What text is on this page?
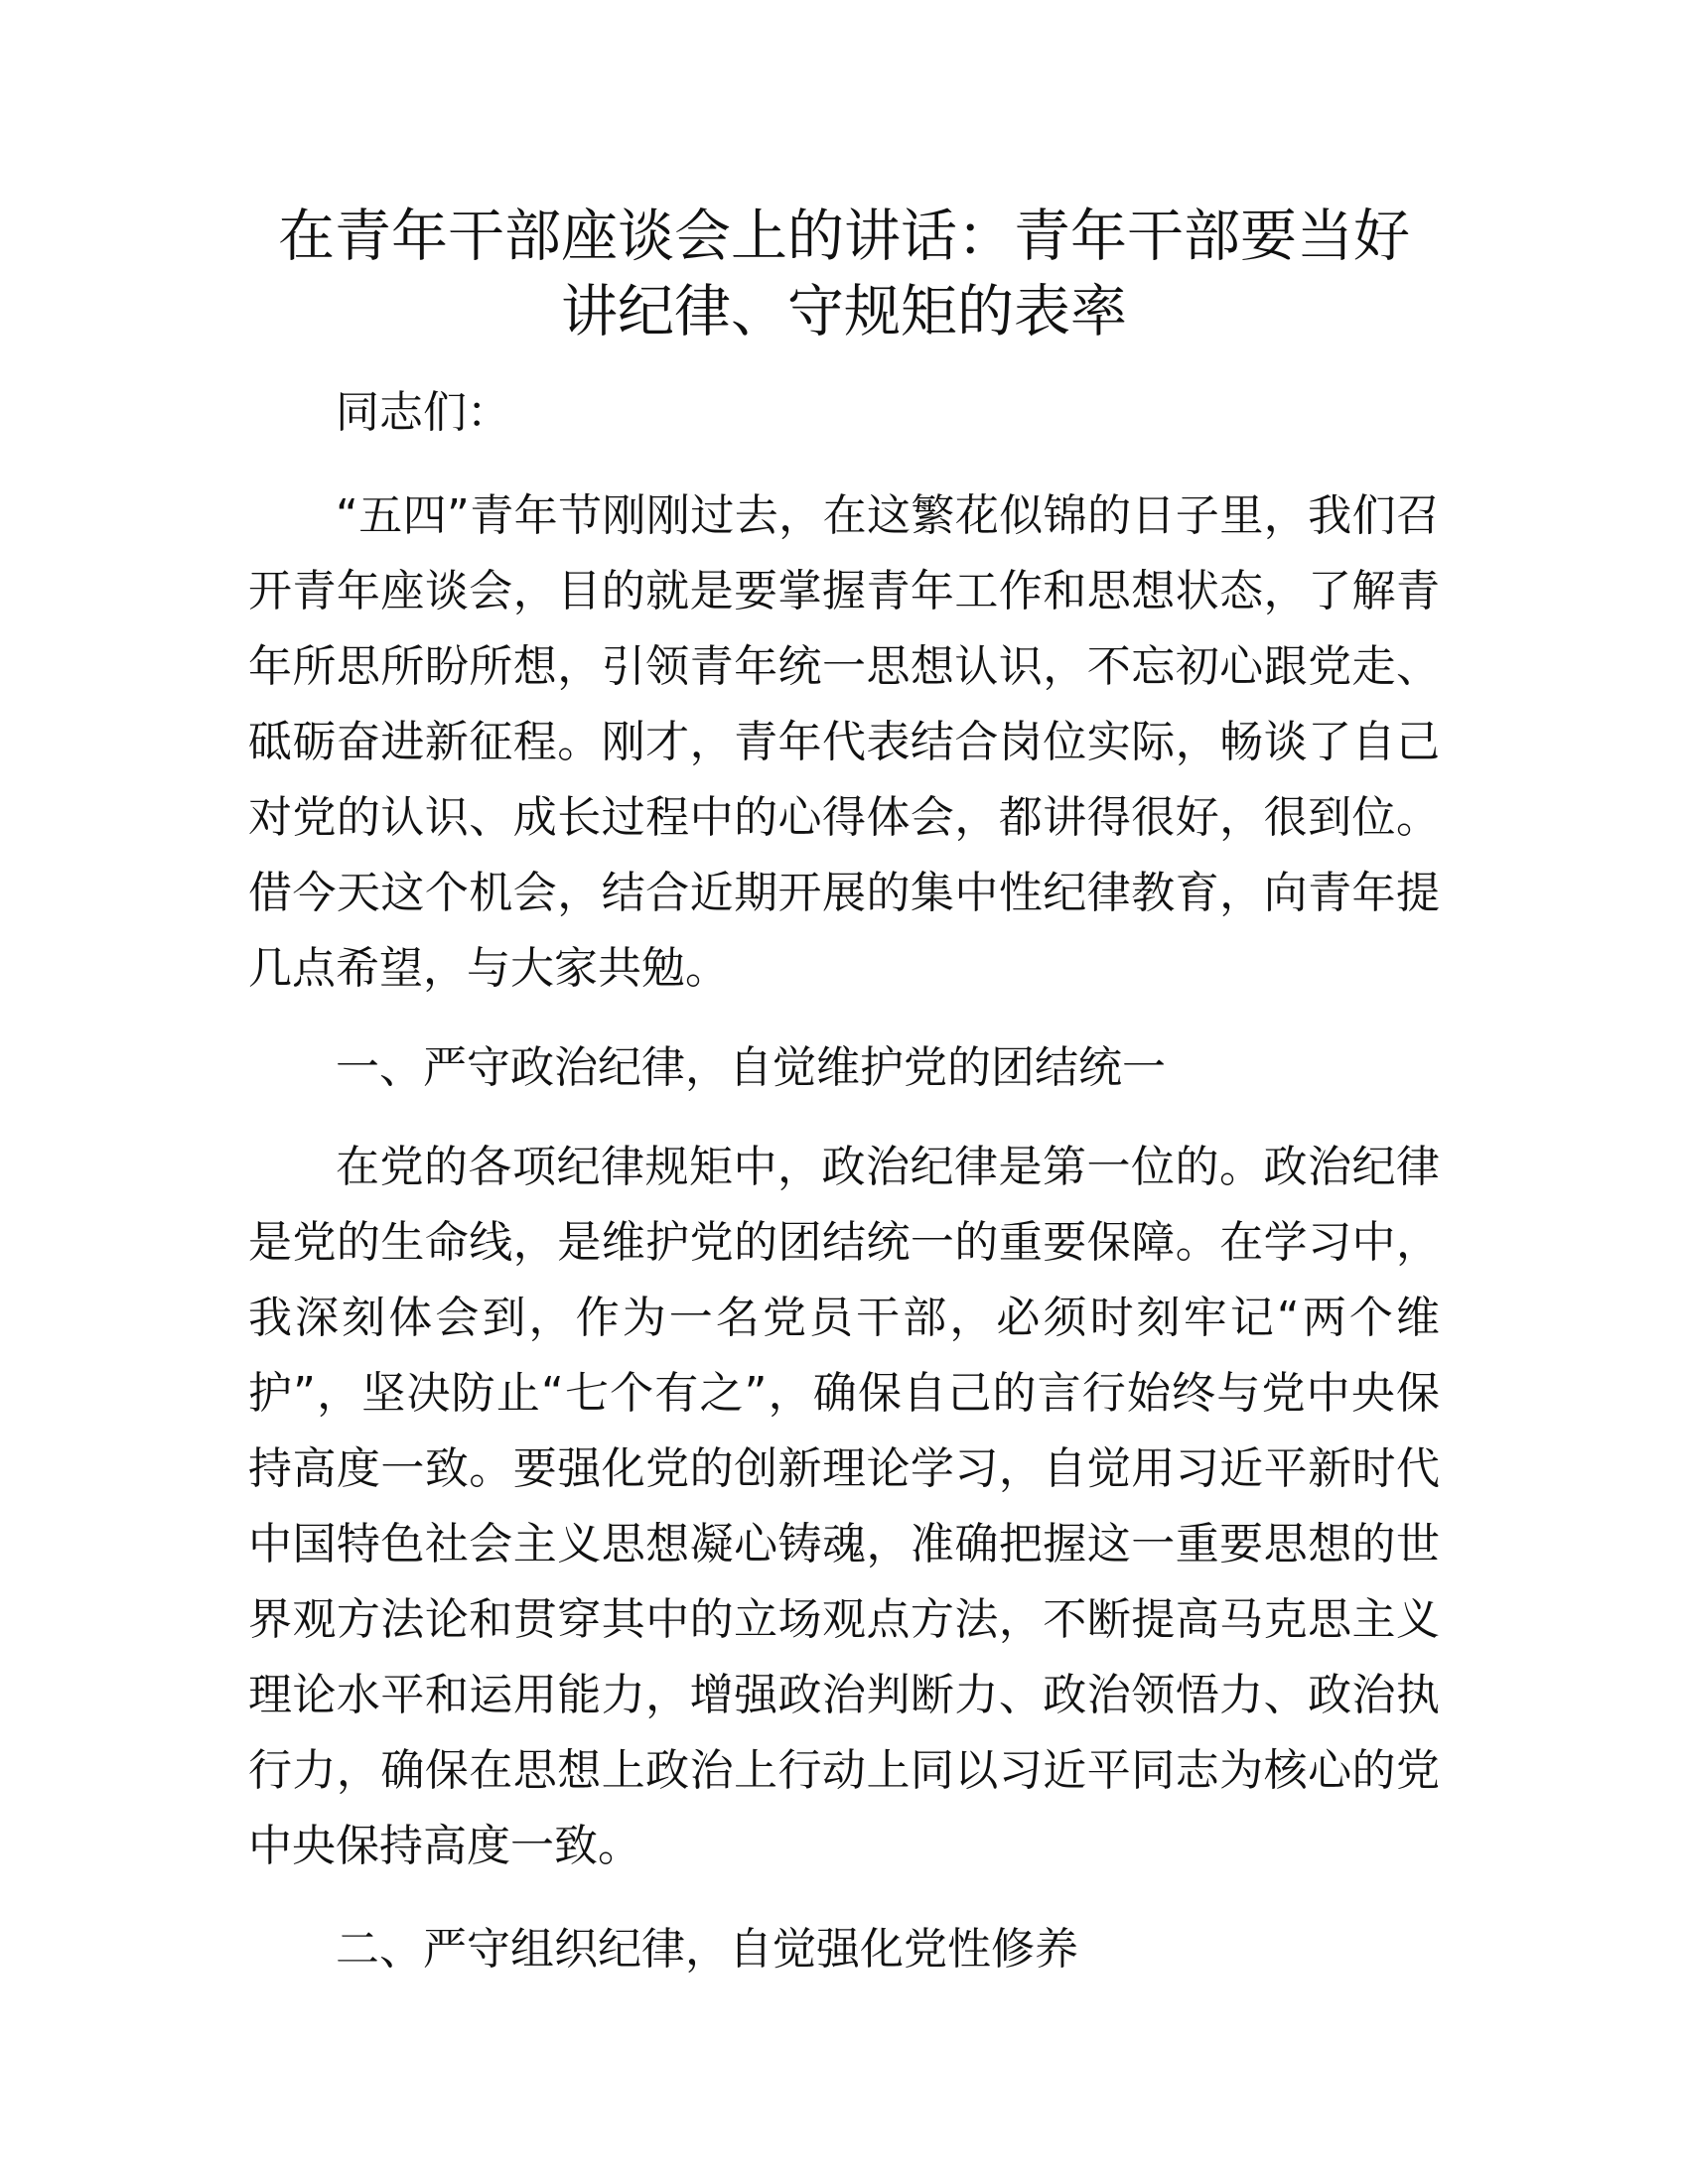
在青年干部座谈会上的讲话：青年干部要当好
讲纪律、守规矩的表率

同志们：

“五四”青年节刚刚过去，在这繁花似锦的日子里，我们召开青年座谈会，目的就是要掌握青年工作和思想状态，了解青年所思所盼所想，引领青年统一思想认识，不忘初心跟党走、砥砺奋进新征程。刚才，青年代表结合岗位实际，畅谈了自己对党的认识、成长过程中的心得体会，都讲得很好，很到位。借今天这个机会，结合近期开展的集中性纪律教育，向青年提几点希望，与大家共勉。

一、严守政治纪律，自觉维护党的团结统一

在党的各项纪律规矩中，政治纪律是第一位的。政治纪律是党的生命线，是维护党的团结统一的重要保障。在学习中，我深刻体会到，作为一名党员干部，必须时刻牢记“两个维护”，坚决防止“七个有之”，确保自己的言行始终与党中央保持高度一致。要强化党的创新理论学习，自觉用习近平新时代中国特色社会主义思想凝心铸魂，准确把握这一重要思想的世界观方法论和贯穿其中的立场观点方法，不断提高马克思主义理论水平和运用能力，增强政治判断力、政治领悟力、政治执行力，确保在思想上政治上行动上同以习近平同志为核心的党中央保持高度一致。

二、严守组织纪律，自觉强化党性修养
